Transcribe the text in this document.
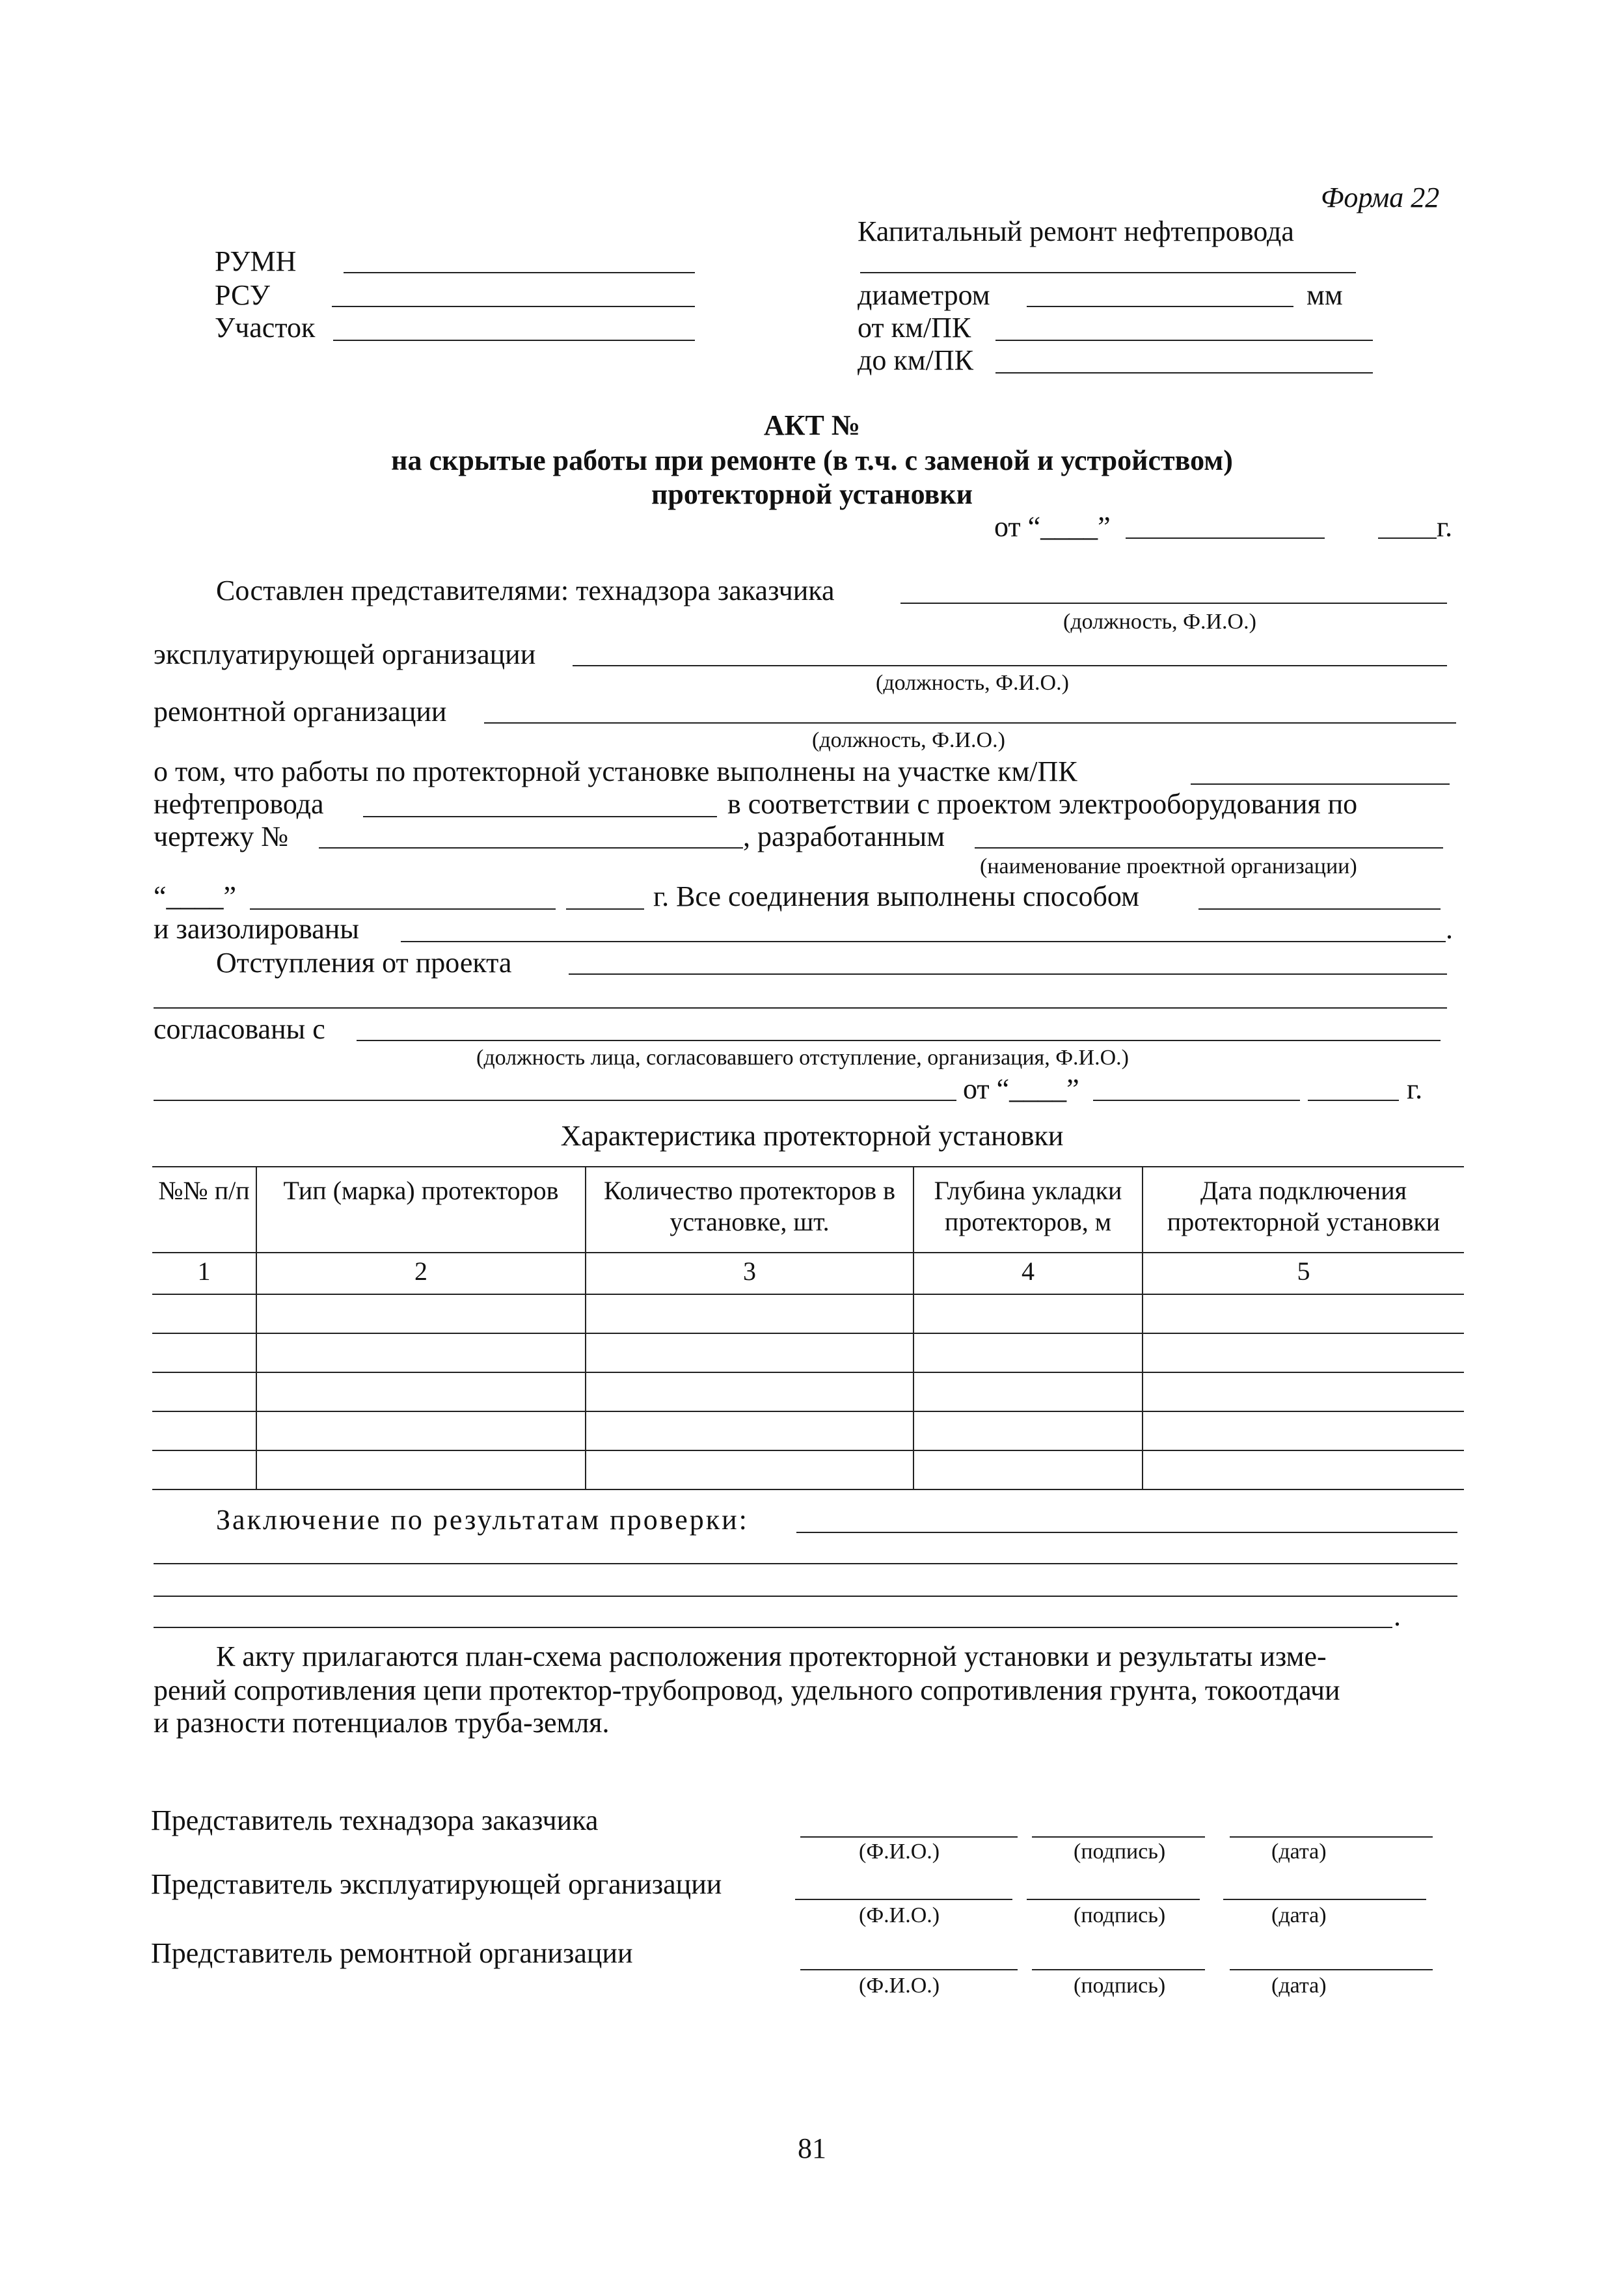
Форма 22
РУМН
РСУ
Участок
Капитальный ремонт нефтепровода
диаметром	мм
от км/ПК
до км/ПК
АКТ №
на скрытые работы при ремонте (в т.ч. с заменой и устройством)
протекторной установки
от “____”	г.
Составлен представителями: технадзора заказчика
(должность, Ф.И.О.)
эксплуатирующей организации
(должность, Ф.И.О.)
ремонтной организации
(должность, Ф.И.О.)
о том, что работы по протекторной установке выполнены на участке км/ПК
нефтепровода	в соответствии с проектом электрооборудования по
чертежу №	, разработанным
(наименование проектной организации)
“____”	г. Все соединения выполнены способом
и заизолированы	.
Отступления от проекта
согласованы с
(должность лица, согласовавшего отступление, организация, Ф.И.О.)
от “____”	г.
Характеристика протекторной установки
№№ п/п	Тип (марка) протекторов	Количество протекторов в установке, шт.	Глубина укладки протекторов, м	Дата подключения протекторной установки
1	2	3	4	5

Заключение по результатам проверки:
.
К акту прилагаются план-схема расположения протекторной установки и результаты изме-
рений сопротивления цепи протектор-трубопровод, удельного сопротивления грунта, токоотдачи
и разности потенциалов труба-земля.
Представитель технадзора заказчика
(Ф.И.О.)	(подпись)	(дата)
Представитель эксплуатирующей организации
(Ф.И.О.)	(подпись)	(дата)
Представитель ремонтной организации
(Ф.И.О.)	(подпись)	(дата)
81
